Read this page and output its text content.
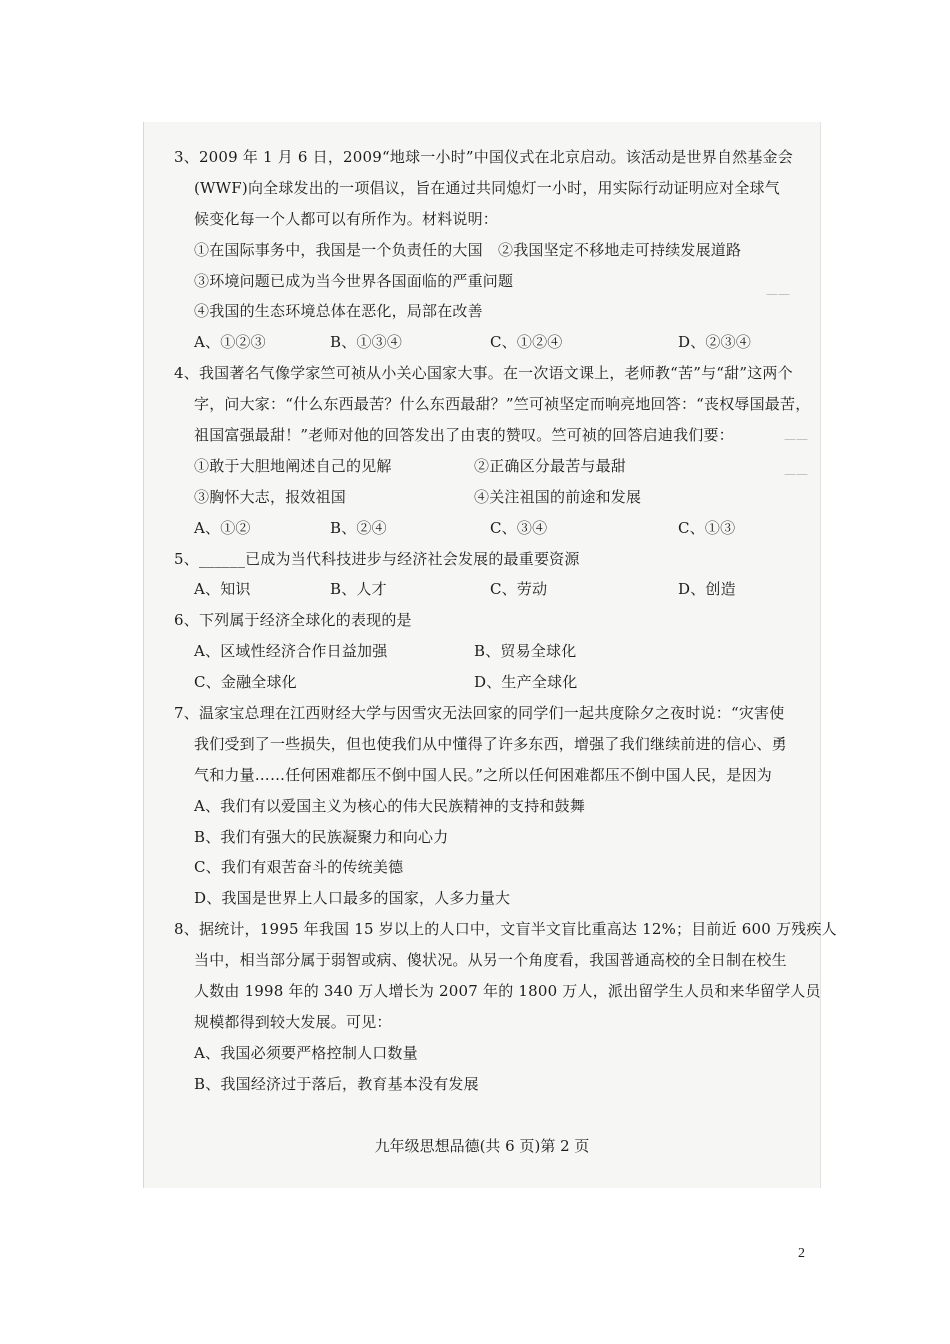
——
——
——
3、2009 年 1 月 6 日，2009“地球一小时”中国仪式在北京启动。该活动是世界自然基金会
(WWF)向全球发出的一项倡议，旨在通过共同熄灯一小时，用实际行动证明应对全球气
候变化每一个人都可以有所作为。材料说明：
①在国际事务中，我国是一个负责任的大国　②我国坚定不移地走可持续发展道路
③环境问题已成为当今世界各国面临的严重问题
④我国的生态环境总体在恶化，局部在改善
A、①②③	B、①③④	C、①②④	D、②③④
4、我国著名气像学家竺可祯从小关心国家大事。在一次语文课上，老师教“苦”与“甜”这两个
字，问大家：“什么东西最苦？什么东西最甜？”竺可祯坚定而响亮地回答：“丧权辱国最苦，
祖国富强最甜！”老师对他的回答发出了由衷的赞叹。竺可祯的回答启迪我们要：
①敢于大胆地阐述自己的见解	②正确区分最苦与最甜
③胸怀大志，报效祖国	④关注祖国的前途和发展
A、①②	B、②④	C、③④	C、①③
5、______已成为当代科技进步与经济社会发展的最重要资源
A、知识	B、人才	C、劳动	D、创造
6、下列属于经济全球化的表现的是
A、区域性经济合作日益加强	B、贸易全球化
C、金融全球化	D、生产全球化
7、温家宝总理在江西财经大学与因雪灾无法回家的同学们一起共度除夕之夜时说：“灾害使
我们受到了一些损失，但也使我们从中懂得了许多东西，增强了我们继续前进的信心、勇
气和力量……任何困难都压不倒中国人民。”之所以任何困难都压不倒中国人民，是因为
A、我们有以爱国主义为核心的伟大民族精神的支持和鼓舞
B、我们有强大的民族凝聚力和向心力
C、我们有艰苦奋斗的传统美德
D、我国是世界上人口最多的国家，人多力量大
8、据统计，1995 年我国 15 岁以上的人口中，文盲半文盲比重高达 12%；目前近 600 万残疾人
当中，相当部分属于弱智或病、傻状况。从另一个角度看，我国普通高校的全日制在校生
人数由 1998 年的 340 万人增长为 2007 年的 1800 万人，派出留学生人员和来华留学人员
规模都得到较大发展。可见：
A、我国必须要严格控制人口数量
B、我国经济过于落后，教育基本没有发展
九年级思想品德(共 6 页)第 2 页
2
